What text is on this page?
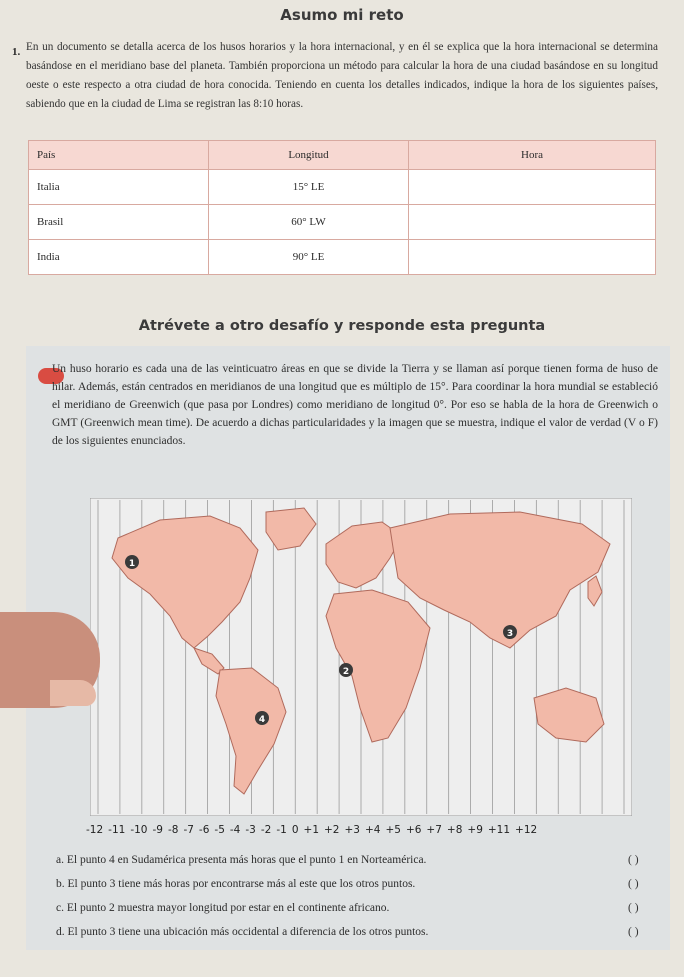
Asumo mi reto
1. En un documento se detalla acerca de los husos horarios y la hora internacional, y en él se explica que la hora internacional se determina basándose en el meridiano base del planeta. También proporciona un método para calcular la hora de una ciudad basándose en su longitud oeste o este respecto a otra ciudad de hora conocida. Teniendo en cuenta los detalles indicados, indique la hora de los siguientes países, sabiendo que en la ciudad de Lima se registran las 8:10 horas.
País	Longitud	Hora
Italia	15° LE	
Brasil	60° LW	
India	90° LE	
Atrévete a otro desafío y responde esta pregunta
Un huso horario es cada una de las veinticuatro áreas en que se divide la Tierra y se llaman así porque tienen forma de huso de hilar. Además, están centrados en meridianos de una longitud que es múltiplo de 15°. Para coordinar la hora mundial se estableció el meridiano de Greenwich (que pasa por Londres) como meridiano de longitud 0°. Por eso se habla de la hora de Greenwich o GMT (Greenwich mean time). De acuerdo a dichas particularidades y la imagen que se muestra, indique el valor de verdad (V o F) de los siguientes enunciados.
1
2
3
4
-12 -11 -10 -9 -8 -7 -6 -5 -4 -3 -2 -1 0 +1 +2 +3 +4 +5 +6 +7 +8 +9 +11 +12
a. El punto 4 en Sudamérica presenta más horas que el punto 1 en Norteamérica.	( )
b. El punto 3 tiene más horas por encontrarse más al este que los otros puntos.	( )
c. El punto 2 muestra mayor longitud por estar en el continente africano.	( )
d. El punto 3 tiene una ubicación más occidental a diferencia de los otros puntos.	( )
